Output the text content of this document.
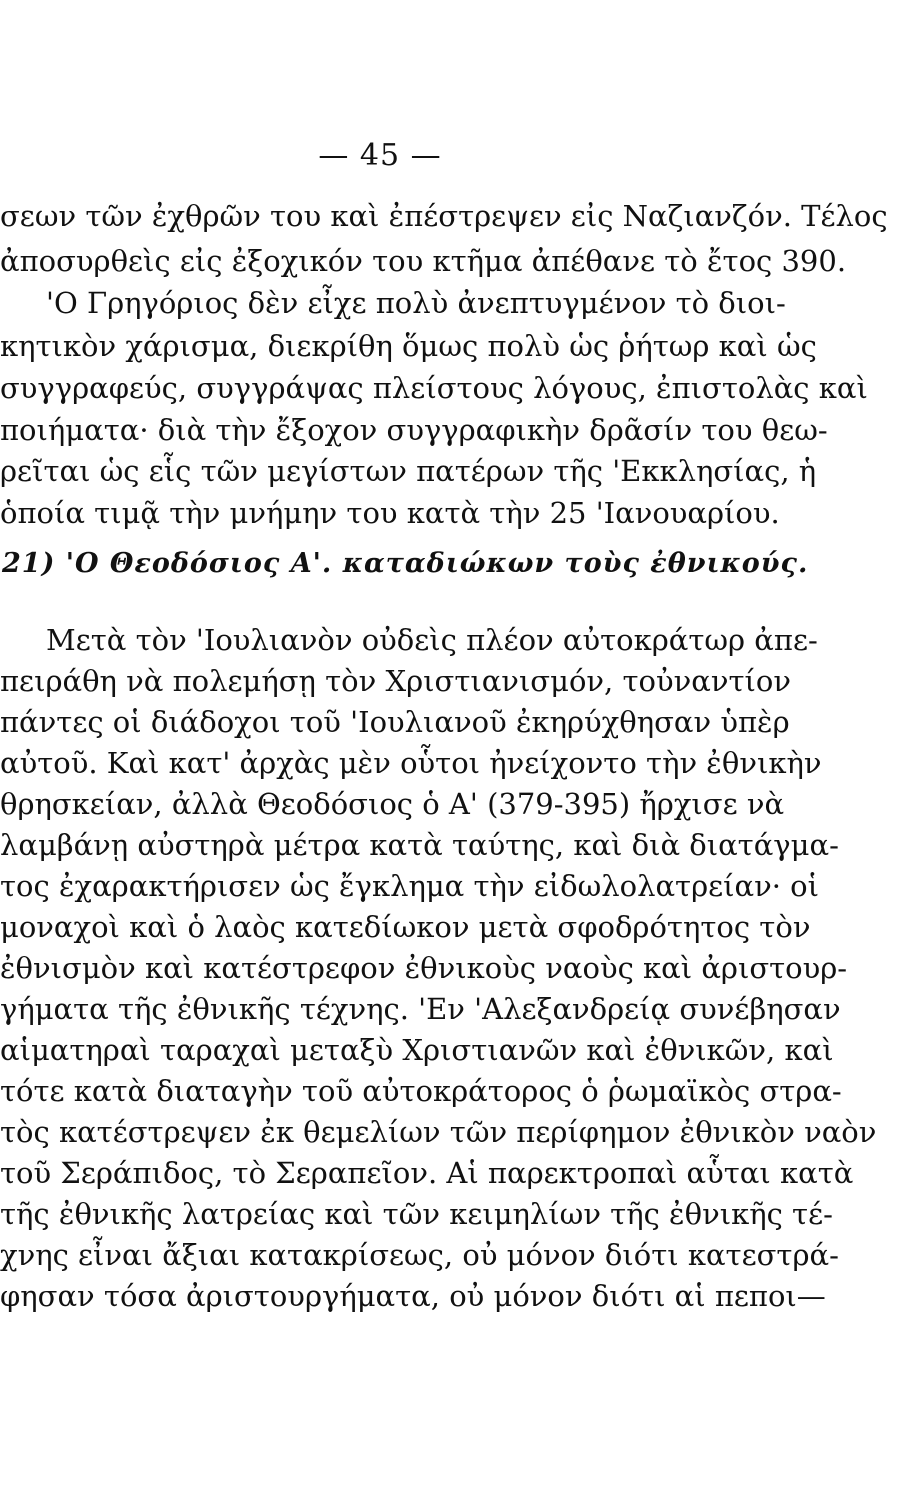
— 45 —
σεων τῶν ἐχθρῶν του καὶ ἐπέστρεψεν εἰς Ναζιανζόν. Τέλος
ἀποσυρθεὶς εἰς ἐξοχικόν του κτῆμα ἀπέθανε τὸ ἔτος 390.
'Ο Γρηγόριος δὲν εἶχε πολὺ ἀνεπτυγμένον τὸ διοι-
κητικὸν χάρισμα, διεκρίθη ὅμως πολὺ ὡς ῥήτωρ καὶ ὡς
συγγραφεύς, συγγράψας πλείστους λόγους, ἐπιστολὰς καὶ
ποιήματα· διὰ τὴν ἔξοχον συγγραφικὴν δρᾶσίν του θεω-
ρεῖται ὡς εἷς τῶν μεγίστων πατέρων τῆς 'Εκκλησίας, ἡ
ὁποία τιμᾷ τὴν μνήμην του κατὰ τὴν 25 'Ιανουαρίου.
21) 'Ο Θεοδόσιος Α'. καταδιώκων τοὺς ἐθνικούς.
Μετὰ τὸν 'Ιουλιανὸν οὐδεὶς πλέον αὐτοκράτωρ ἀπε-
πειράθη νὰ πολεμήσῃ τὸν Χριστιανισμόν, τοὐναντίον
πάντες οἱ διάδοχοι τοῦ 'Ιουλιανοῦ ἐκηρύχθησαν ὑπὲρ
αὐτοῦ. Καὶ κατ' ἀρχὰς μὲν οὗτοι ἠνείχοντο τὴν ἐθνικὴν
θρησκείαν, ἀλλὰ Θεοδόσιος ὁ Α' (379-395) ἤρχισε νὰ
λαμβάνῃ αὐστηρὰ μέτρα κατὰ ταύτης, καὶ διὰ διατάγμα-
τος ἐχαρακτήρισεν ὡς ἔγκλημα τὴν εἰδωλολατρείαν· οἱ
μοναχοὶ καὶ ὁ λαὸς κατεδίωκον μετὰ σφοδρότητος τὸν
ἐθνισμὸν καὶ κατέστρεφον ἐθνικοὺς ναοὺς καὶ ἀριστουρ-
γήματα τῆς ἐθνικῆς τέχνης. 'Εν 'Αλεξανδρείᾳ συνέβησαν
αἱματηραὶ ταραχαὶ μεταξὺ Χριστιανῶν καὶ ἐθνικῶν, καὶ
τότε κατὰ διαταγὴν τοῦ αὐτοκράτορος ὁ ῥωμαϊκὸς στρα-
τὸς κατέστρεψεν ἐκ θεμελίων τῶν περίφημον ἐθνικὸν ναὸν
τοῦ Σεράπιδος, τὸ Σεραπεῖον. Αἱ παρεκτροπαὶ αὗται κατὰ
τῆς ἐθνικῆς λατρείας καὶ τῶν κειμηλίων τῆς ἐθνικῆς τέ-
χνης εἶναι ἄξιαι κατακρίσεως, οὐ μόνον διότι κατεστρά-
φησαν τόσα ἀριστουργήματα, οὐ μόνον διότι αἱ πεποι—
